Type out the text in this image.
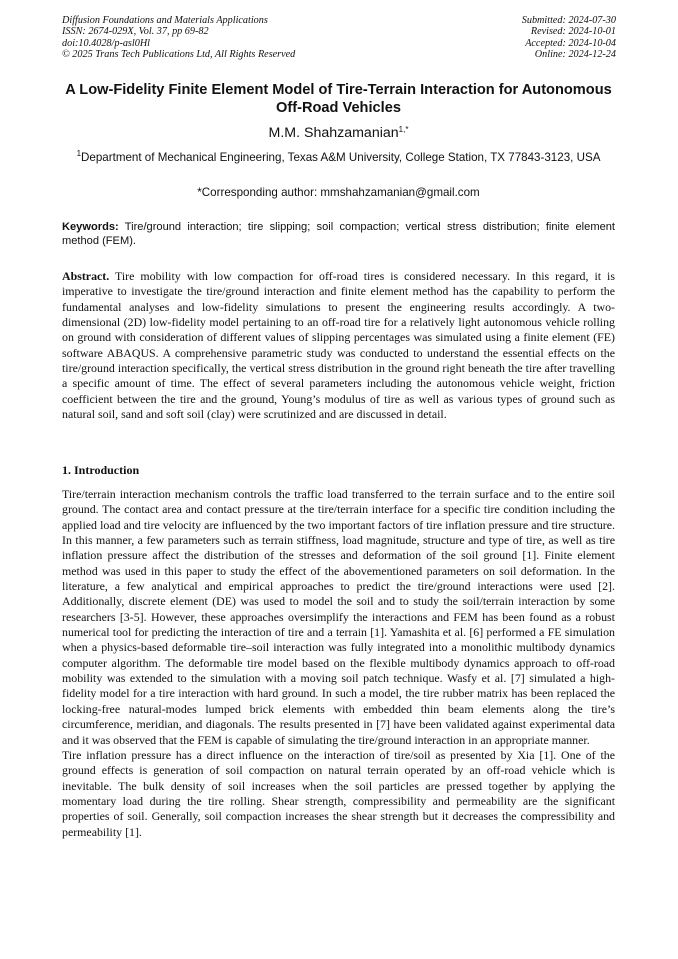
Diffusion Foundations and Materials Applications
ISSN: 2674-029X, Vol. 37, pp 69-82
doi:10.4028/p-asl0Hl
© 2025 Trans Tech Publications Ltd, All Rights Reserved
Submitted: 2024-07-30
Revised: 2024-10-01
Accepted: 2024-10-04
Online: 2024-12-24
A Low-Fidelity Finite Element Model of Tire-Terrain Interaction for Autonomous Off-Road Vehicles
M.M. Shahzamanian$^{1,*}$
$^1$Department of Mechanical Engineering, Texas A&M University, College Station, TX 77843-3123, USA
*Corresponding author: mmshahzamanian@gmail.com
Keywords: Tire/ground interaction; tire slipping; soil compaction; vertical stress distribution; finite element method (FEM).

Abstract. Tire mobility with low compaction for off-road tires is considered necessary. In this regard, it is imperative to investigate the tire/ground interaction and finite element method has the capability to perform the fundamental analyses and low-fidelity simulations to present the engineering results accordingly. A two-dimensional (2D) low-fidelity model pertaining to an off-road tire for a relatively light autonomous vehicle rolling on ground with consideration of different values of slipping percentages was simulated using a finite element (FE) software ABAQUS. A comprehensive parametric study was conducted to understand the essential effects on the tire/ground interaction specifically, the vertical stress distribution in the ground right beneath the tire after travelling a specific amount of time. The effect of several parameters including the autonomous vehicle weight, friction coefficient between the tire and the ground, Young’s modulus of tire as well as various types of ground such as natural soil, sand and soft soil (clay) were scrutinized and are discussed in detail.

1. Introduction

Tire/terrain interaction mechanism controls the traffic load transferred to the terrain surface and to the entire soil ground. The contact area and contact pressure at the tire/terrain interface for a specific tire condition including the applied load and tire velocity are influenced by the two important factors of tire inflation pressure and tire structure. In this manner, a few parameters such as terrain stiffness, load magnitude, structure and type of tire, as well as tire inflation pressure affect the distribution of the stresses and deformation of the soil ground [1]. Finite element method was used in this paper to study the effect of the abovementioned parameters on soil deformation. In the literature, a few analytical and empirical approaches to predict the tire/ground interactions were used [2]. Additionally, discrete element (DE) was used to model the soil and to study the soil/terrain interaction by some researchers [3-5]. However, these approaches oversimplify the interactions and FEM has been found as a robust numerical tool for predicting the interaction of tire and a terrain [1]. Yamashita et al. [6] performed a FE simulation when a physics-based deformable tire–soil interaction was fully integrated into a monolithic multibody dynamics computer algorithm. The deformable tire model based on the flexible multibody dynamics approach to off-road mobility was extended to the simulation with a moving soil patch technique. Wasfy et al. [7] simulated a high-fidelity model for a tire interaction with hard ground. In such a model, the tire rubber matrix has been replaced the locking-free natural-modes lumped brick elements with embedded thin beam elements along the tire’s circumference, meridian, and diagonals. The results presented in [7] have been validated against experimental data and it was observed that the FEM is capable of simulating the tire/ground interaction in an appropriate manner.

Tire inflation pressure has a direct influence on the interaction of tire/soil as presented by Xia [1]. One of the ground effects is generation of soil compaction on natural terrain operated by an off-road vehicle which is inevitable. The bulk density of soil increases when the soil particles are pressed together by applying the momentary load during the tire rolling. Shear strength, compressibility and permeability are the significant properties of soil. Generally, soil compaction increases the shear strength but it decreases the compressibility and permeability [1].
